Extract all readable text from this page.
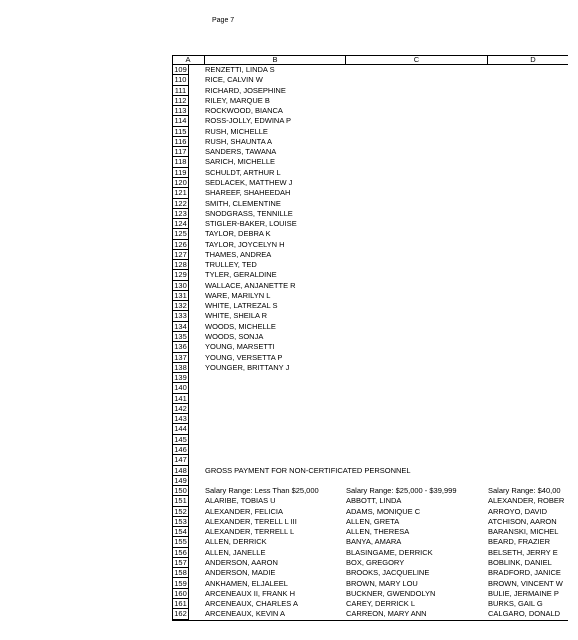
Page 7
A	B	C	D
109	RENZETTI, LINDA S
110	RICE, CALVIN W
111	RICHARD, JOSEPHINE
112	RILEY, MARQUE B
113	ROCKWOOD, BIANCA
114	ROSS-JOLLY, EDWINA P
115	RUSH, MICHELLE
116	RUSH, SHAUNTA A
117	SANDERS, TAWANA
118	SARICH, MICHELLE
119	SCHULDT, ARTHUR L
120	SEDLACEK, MATTHEW J
121	SHAREEF, SHAHEEDAH
122	SMITH, CLEMENTINE
123	SNODGRASS, TENNILLE
124	STIGLER-BAKER, LOUISE
125	TAYLOR, DEBRA K
126	TAYLOR, JOYCELYN H
127	THAMES, ANDREA
128	TRULLEY, TED
129	TYLER, GERALDINE
130	WALLACE, ANJANETTE R
131	WARE, MARILYN L
132	WHITE, LATREZAL S
133	WHITE, SHEILA R
134	WOODS, MICHELLE
135	WOODS, SONJA
136	YOUNG, MARSETTI
137	YOUNG, VERSETTA P
138	YOUNGER, BRITTANY J
139
140
141
142
143
144
145
146
147
148	GROSS PAYMENT FOR NON-CERTIFICATED PERSONNEL
149
150	Salary Range: Less Than $25,000	Salary Range: $25,000 - $39,999	Salary Range: $40,00
151	ALARIBE, TOBIAS U	ABBOTT, LINDA	ALEXANDER, ROBER
152	ALEXANDER, FELICIA	ADAMS, MONIQUE C	ARROYO, DAVID
153	ALEXANDER, TERELL L III	ALLEN, GRETA	ATCHISON, AARON
154	ALEXANDER, TERRELL L	ALLEN, THERESA	BARANSKI, MICHEL
155	ALLEN, DERRICK	BANYA, AMARA	BEARD, FRAZIER
156	ALLEN, JANELLE	BLASINGAME, DERRICK	BELSETH, JERRY E
157	ANDERSON, AARON	BOX, GREGORY	BOBLINK, DANIEL
158	ANDERSON, MADIE	BROOKS, JACQUELINE	BRADFORD, JANICE
159	ANKHAMEN, ELJALEEL	BROWN, MARY LOU	BROWN, VINCENT W
160	ARCENEAUX II, FRANK H	BUCKNER, GWENDOLYN	BULIE, JERMAINE P
161	ARCENEAUX, CHARLES A	CAREY, DERRICK L	BURKS, GAIL G
162	ARCENEAUX, KEVIN A	CARREON, MARY ANN	CALGARO, DONALD
